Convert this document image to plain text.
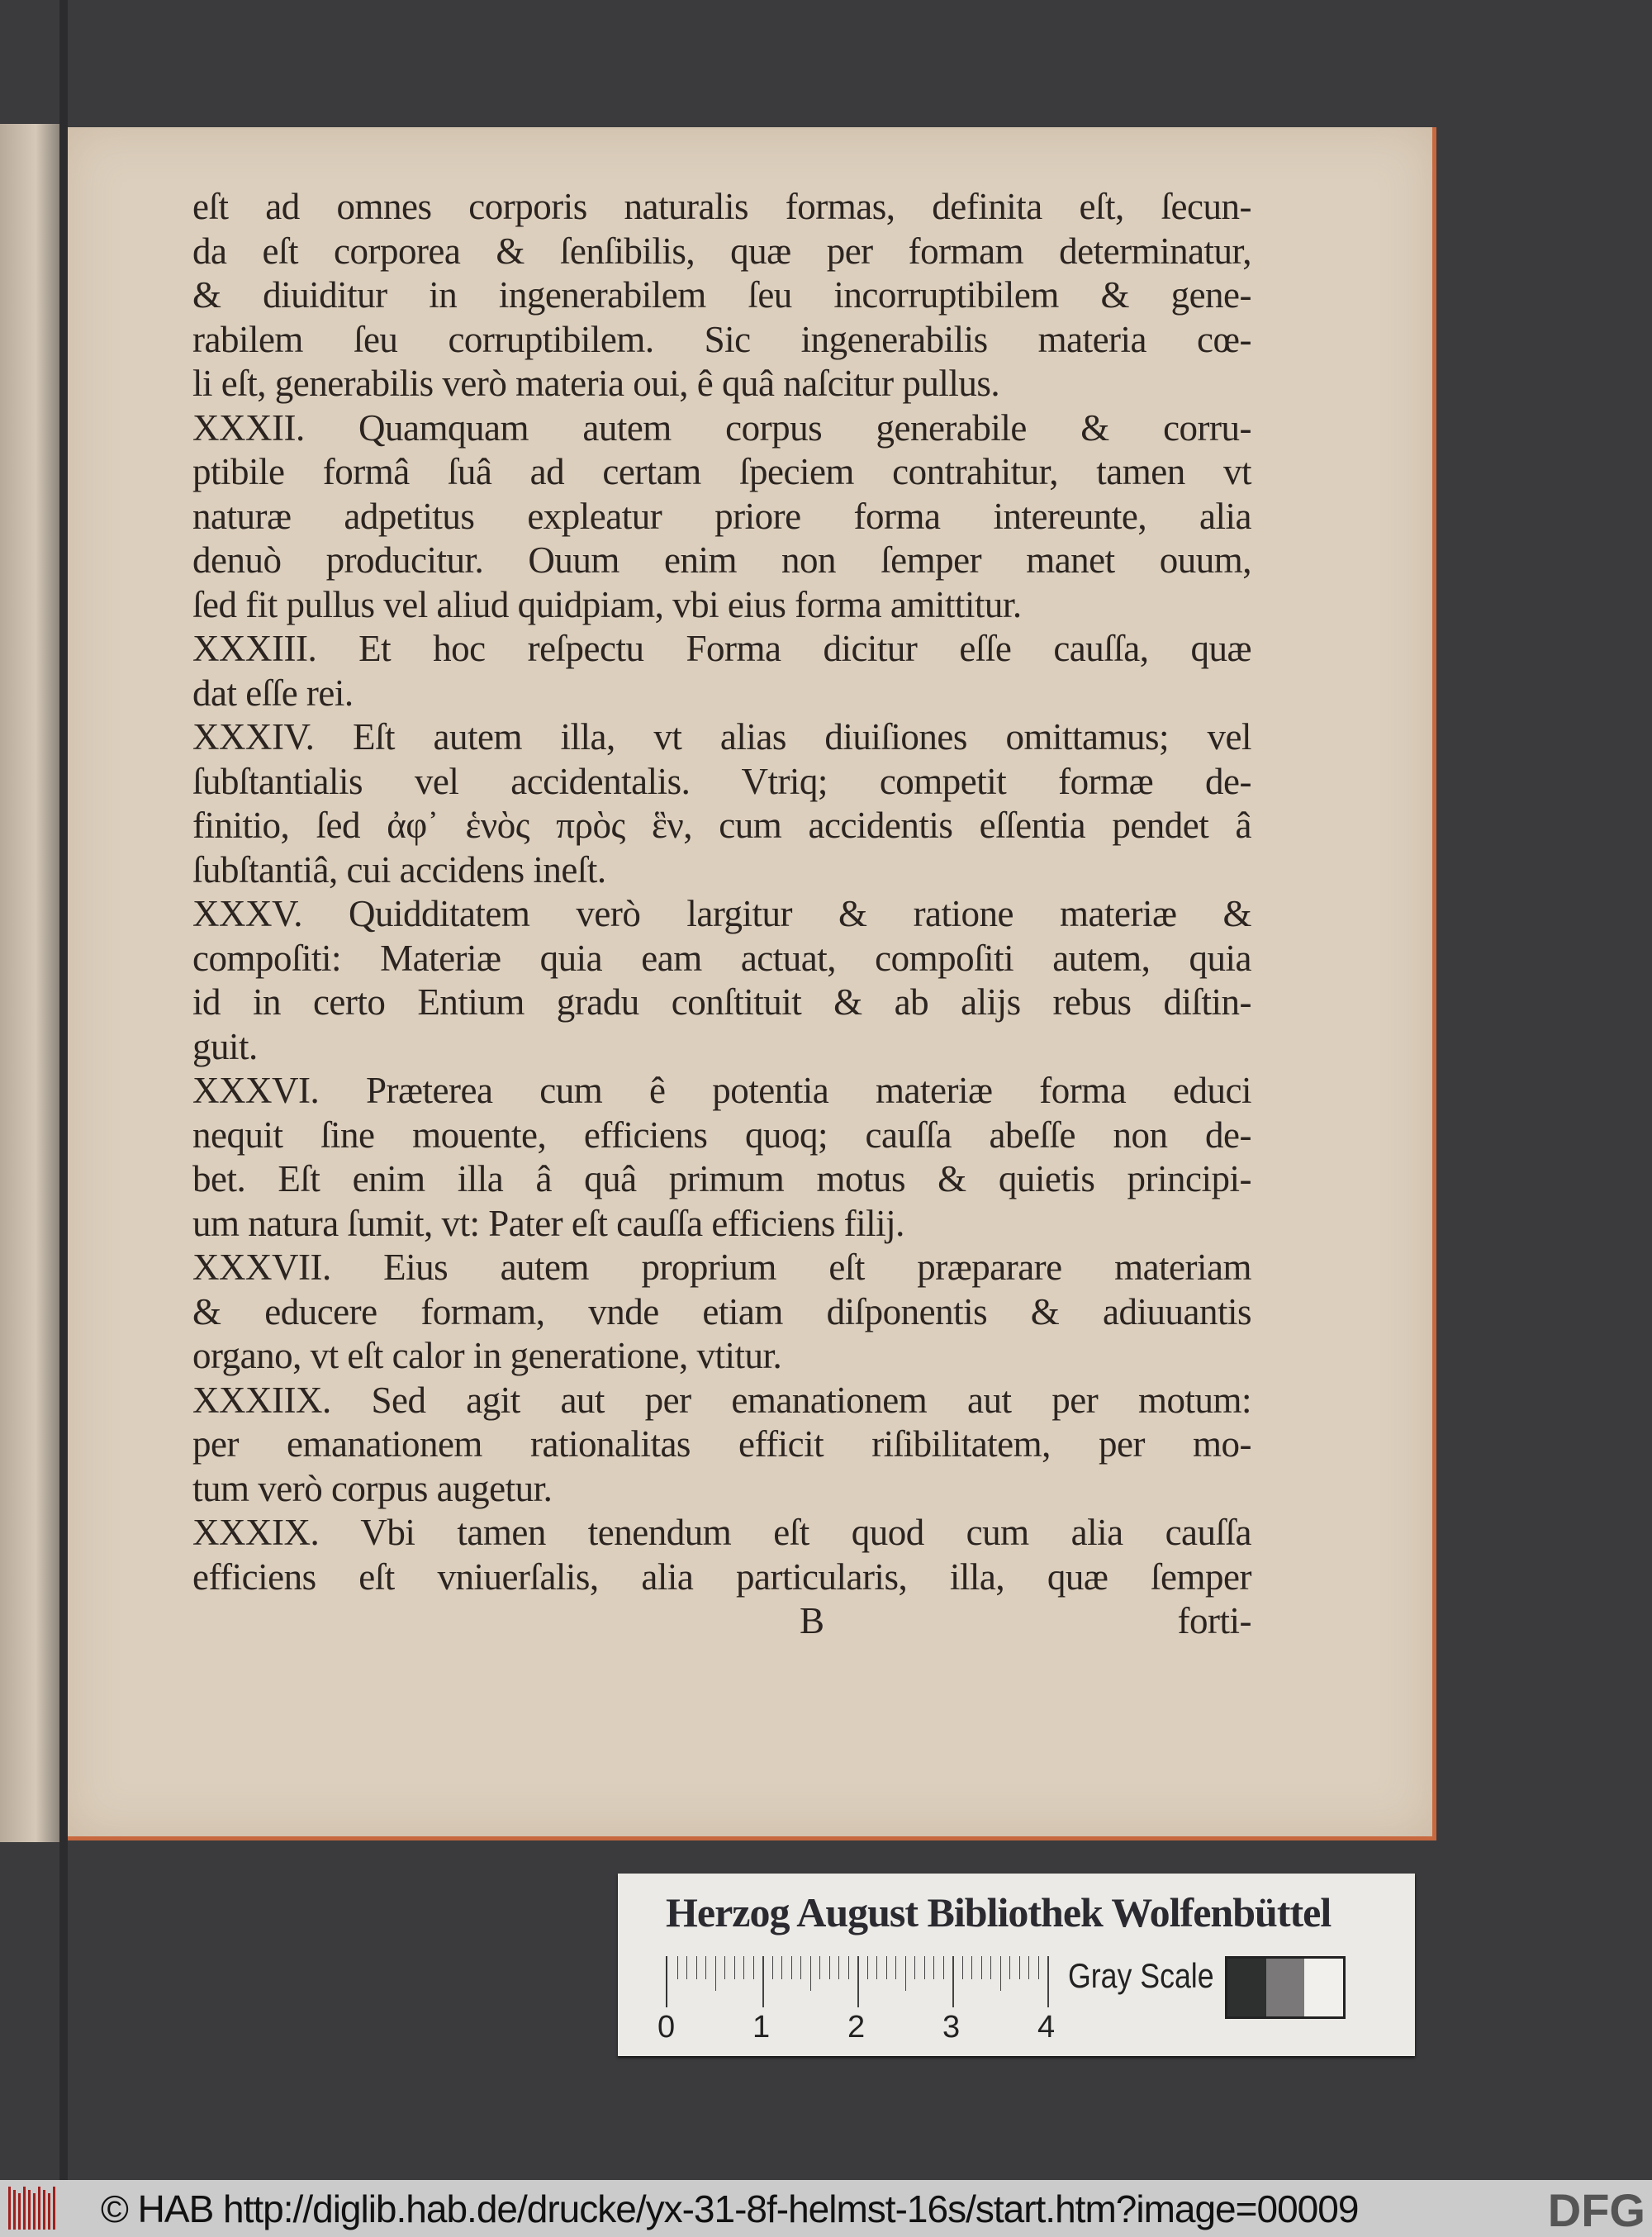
eſt ad omnes corporis naturalis formas, definita eſt, ſecun-
da eſt corporea & ſenſibilis, quæ per formam determinatur,
& diuiditur in ingenerabilem ſeu incorruptibilem & gene-
rabilem ſeu corruptibilem. Sic ingenerabilis materia cœ-
li eſt, generabilis verò materia oui, ê quâ naſcitur pullus.
XXXII. Quamquam autem corpus generabile & corru-
ptibile formâ ſuâ ad certam ſpeciem contrahitur, tamen vt
naturæ adpetitus expleatur priore forma intereunte, alia
denuò producitur. Ouum enim non ſemper manet ouum,
ſed fit pullus vel aliud quidpiam, vbi eius forma amittitur.
XXXIII. Et hoc reſpectu Forma dicitur eſſe cauſſa, quæ
dat eſſe rei.
XXXIV. Eſt autem illa, vt alias diuiſiones omittamus; vel
ſubſtantialis vel accidentalis. Vtriq; competit formæ de-
finitio, ſed ἀφ᾽ ἑνὸς πρὸς ἓν, cum accidentis eſſentia pendet â
ſubſtantiâ, cui accidens ineſt.
XXXV. Quidditatem verò largitur & ratione materiæ &
compoſiti: Materiæ quia eam actuat, compoſiti autem, quia
id in certo Entium gradu conſtituit & ab alijs rebus diſtin-
guit.
XXXVI. Præterea cum ê potentia materiæ forma educi
nequit ſine mouente, efficiens quoq; cauſſa abeſſe non de-
bet. Eſt enim illa â quâ primum motus & quietis principi-
um natura ſumit, vt: Pater eſt cauſſa efficiens filij.
XXXVII. Eius autem proprium eſt præparare materiam
& educere formam, vnde etiam diſponentis & adiuuantis
organo, vt eſt calor in generatione, vtitur.
XXXIIX. Sed agit aut per emanationem aut per motum:
per emanationem rationalitas efficit riſibilitatem, per mo-
tum verò corpus augetur.
XXXIX. Vbi tamen tenendum eſt quod cum alia cauſſa
efficiens eſt vniuerſalis, alia particularis, illa, quæ ſemper
B	forti-
Herzog August Bibliothek Wolfenbüttel
0 1 2 3 4
Gray Scale
© HAB http://diglib.hab.de/drucke/yx-31-8f-helmst-16s/start.htm?image=00009	DFG
